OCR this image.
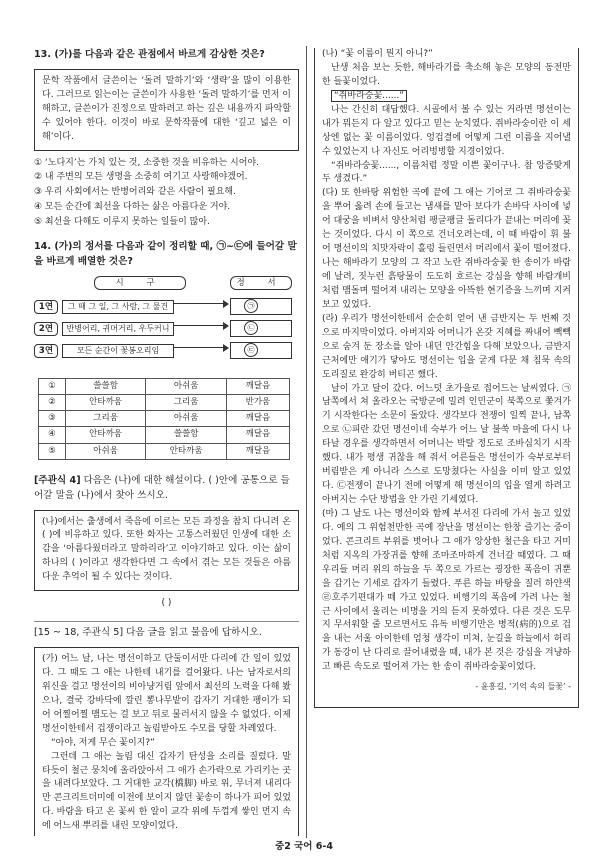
13. (가)를 다음과 같은 관점에서 바르게 감상한 것은?

문학 작품에서 글쓴이는 ‘돌려 말하기’와 ‘생략’을 많이 이용한다. 그러므로 읽는이는 글쓴이가 사용한 ‘돌려 말하기’를 먼저 이해하고, 글쓴이가 진정으로 말하려고 하는 깊은 내용까지 파악할 수 있어야 한다. 이것이 바로 문학작품에 대한 ‘깊고 넓은 이해’이다.

① ‘노다지’는 가치 있는 것, 소중한 것을 비유하는 시어야.

② 내 주변의 모든 생명을 소중히 여기고 사랑해야겠어.

③ 우리 사회에서는 반병어리와 같은 사람이 필요해.

④ 모든 순간에 최선을 다하는 삶은 아름다운 거야.

⑤ 최선을 다해도 이루지 못하는 일들이 많아.

14. (가)의 정서를 다음과 같이 정리할 때, ㉠~㉢에 들어갈 말을 바르게 배열한 것은?

시 구	정 서
1연	그 때 그 일, 그 사람, 그 물건	㉠
2연	반병어리, 귀머거리, 우두커니	㉡
3연	모든 순간이 꽃봉오리임	㉢
①	쓸쓸함	아쉬움	깨달음
②	안타까움	그리움	반가움
③	그리움	아쉬움	깨달음
④	안타까움	쓸쓸함	깨달음
⑤	아쉬움	안타까움	깨달음

[주관식 4] 다음은 (나)에 대한 해설이다. ( )안에 공통으로 들어갈 말을 (나)에서 찾아 쓰시오.

(나)에서는 출생에서 죽음에 이르는 모든 과정을 참치 다니려 온 ( )에 비유하고 있다. 또한 화자는 고통스러웠던 인생에 대한 소감을 ‘아름다웠더라고 말하리라’고 이야기하고 있다. 이는 삶이 하나의 ( )이라고 생각한다면 그 속에서 겪는 모든 것들은 아름다운 추억이 될 수 있다는 것이다.
( )

[15 ~ 18, 주관식 5] 다음 글을 읽고 물음에 답하시오.

(가) 어느 날, 나는 명선이하고 단둘이서만 다리에 간 일이 있었다. 그 때도 그 애는 나한테 내기를 걸어왔다. 나는 남자로서의 위신을 걸고 명선이의 비아냥거림 앞에서 최선의 노력을 다해 봤으나, 결국 강바닥에 깔린 뽕나무밭이 갑자기 거대한 팽이가 되어 어찔어찔 맴도는 걸 보고 뒤로 물러서지 않을 수 없었다. 이제 명선이한테서 겁쟁이라고 놀림받아도 수모를 당할 차례였다.

“아야, 저게 무슨 꽃이지?”

그런데 그 애는 놀림 대신 갑자기 탄성을 소리를 질렀다. 말 타듯이 철근 뭉치에 올라앉아서 그 애가 손가락으로 가리키는 곳을 내려다보았다. 그 거대한 교각(橋脚) 바로 위, 무너져 내리다 만 콘크리트더미에 이전에 보이지 않던 꽃송이 하나가 피어 있었다. 바람을 타고 온 꽃씨 한 알이 교각 위에 두껍게 쌓인 먼지 속에 어느새 뿌리를 내린 모양이었다.

(나) “꽃 이름이 뭔지 아니?”

난생 처음 보는 듯한, 해바라기를 축소해 놓은 모양의 동전만한 들꽃이었다.

“쥐바라숭꽃......”

나는 간신히 대답했다. 시골에서 볼 수 있는 거라면 명선이는 내가 뭐든지 다 알고 있다고 믿는 눈치였다. 쥐바라숭이란 이 세상엔 없는 꽃 이름이었다. 엉겁결에 어떻게 그런 이름을 지어낼 수 있었는지 나 자신도 어리벙벙할 지경이었다.

“쥐바라숭꽃......, 이름처럼 정말 이쁜 꽃이구나. 참 앙증맞게두 생겼다.”

(다) 또 한바탕 위험한 곡예 끝에 그 애는 기어코 그 쥐바라숭꽃을 뿌어 옳려 손에 들고는 냄새를 맡아 보다가 손바닥 사이에 넣어 대궁을 비벼서 양산처럼 팽글팽글 돌리다가 끝내는 머리에 꽂는 것이었다. 다시 이 쪽으로 건너오려는데, 이 때 바람이 휘 불어 명선이의 치맛자락이 홀렁 들린면서 머리에서 꽃이 떨어졌다. 나는 해바라기 모양의 그 작고 노란 쥐바라숭꽃 한 송이가 바람에 날려, 짓누런 흙탕물이 도도히 흐르는 강심을 향해 바람개비처럼 맴돌며 떨어져 내리는 모양을 아뜩한 현기증을 느끼며 지켜보고 있었다.

(라) 우리가 명선이한테서 순순히 얻어 낸 금반지는 두 번째 것으로 마지막이었다. 아버지와 어머니가 온갖 지혜를 짜내어 빽빽으로 숨겨 둔 장소를 알아 내던 안간힘을 다해 보았으나, 금반지 근처에만 애기가 닿아도 명선이는 입을 굳게 다문 채 침묵 속의 도리질로 완강히 버티곤 했다.

날이 가고 달이 갔다. 어느덧 초가을로 접어드는 날씨였다. ㉠남쪽에서 쳐 올라오는 국방군에 밀려 인민군이 북쪽으로 쫓겨가기 시작한다는 소문이 돌았다. 생각보다 전쟁이 일찍 끝나, 남쪽으로 ㉡피란 갔던 명선이네 숙부가 어느 날 불쑥 마을에 다시 나타날 경우를 생각하면서 어머니는 박탈 정도로 조바심치기 시작했다. 내가 평생 귀찮을 해 줘서 어른들은 명선이가 숙부로부터 버림받은 게 아니라 스스로 도망쳤다는 사실을 이미 알고 있었다. ㉢전쟁이 끝나기 전에 어떻게 해 명선이의 입을 열게 하려고 아버지는 수단 방법을 안 가린 기세였다.

(마) 그 날도 나는 명선이와 함께 부서진 다리에 가서 놀고 있었다. 예의 그 위험천만한 곡예 장난을 명선이는 한창 즐기는 중이었다. 콘크리트 부위를 벗어나 그 애가 앙상한 철근을 타고 거미처럼 지옥의 가장귀를 향해 조마조마하게 건너갈 때였다. 그 때 우리들 머리 위의 하늘을 두 쪽으로 가르는 굉장한 폭음이 귀뿐을 갑기는 기세로 갑자기 들렸다. 푸른 하늘 바탕을 질러 하얀색 ㉣호주기편대가 떼 가고 있었다. 비행기의 폭음에 가려 나는 철근 사이에서 울리는 비명을 거의 듣지 못하였다. 다른 것은 도무지 무서워할 줄 모르면서도 유독 비행기만은 병적(病的)으로 겁을 내는 서울 아이한테 엄청 생각이 미쳐, 눈길을 하늘에서 허리가 동강이 난 다리로 끌어내렸을 때, 내가 본 것은 강심을 겨냥하고 빠른 속도로 떨어져 가는 한 송이 쥐바라숭꽃이었다.

- 윤흥길, ‘기억 속의 들꽃’ -

중2 국어 6-4
